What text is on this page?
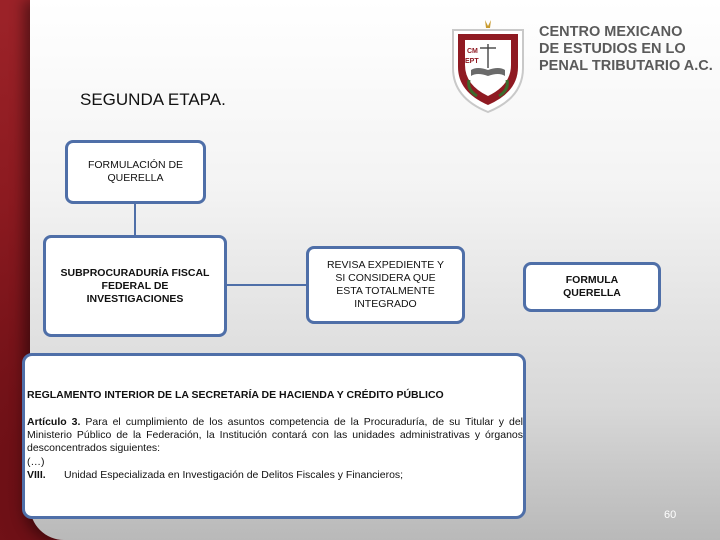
CM
EPT
CENTRO MEXICANO
DE ESTUDIOS EN LO
PENAL TRIBUTARIO A.C.
SEGUNDA ETAPA.
FORMULACIÓN DE
QUERELLA
SUBPROCURADURÍA FISCAL
FEDERAL DE
INVESTIGACIONES
REVISA EXPEDIENTE Y
SI CONSIDERA QUE
ESTA TOTALMENTE
INTEGRADO
FORMULA
QUERELLA
REGLAMENTO INTERIOR DE LA SECRETARÍA DE HACIENDA Y CRÉDITO PÚBLICO
Artículo 3. Para el cumplimiento de los asuntos competencia de la Procuraduría, de su Titular y del Ministerio Público de la Federación, la Institución contará con las unidades administrativas y órganos desconcentrados siguientes:
(…)
VIII. Unidad Especializada en Investigación de Delitos Fiscales y Financieros;
60
